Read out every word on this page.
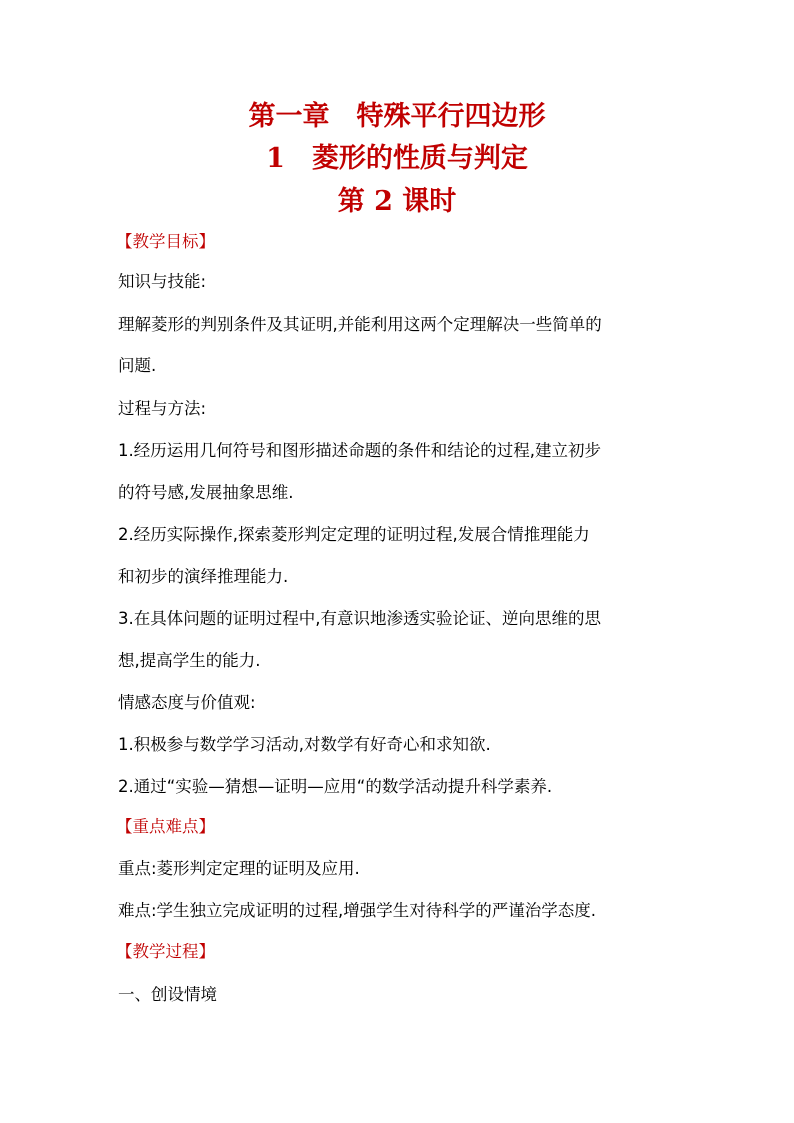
第一章　特殊平行四边形
1　菱形的性质与判定
第 2 课时
【教学目标】
知识与技能:
理解菱形的判别条件及其证明,并能利用这两个定理解决一些简单的
问题.
过程与方法:
1.经历运用几何符号和图形描述命题的条件和结论的过程,建立初步
的符号感,发展抽象思维.
2.经历实际操作,探索菱形判定定理的证明过程,发展合情推理能力
和初步的演绎推理能力.
3.在具体问题的证明过程中,有意识地渗透实验论证、逆向思维的思
想,提高学生的能力.
情感态度与价值观:
1.积极参与数学学习活动,对数学有好奇心和求知欲.
2.通过“实验—猜想—证明—应用“的数学活动提升科学素养.
【重点难点】
重点:菱形判定定理的证明及应用.
难点:学生独立完成证明的过程,增强学生对待科学的严谨治学态度.
【教学过程】
一、创设情境
